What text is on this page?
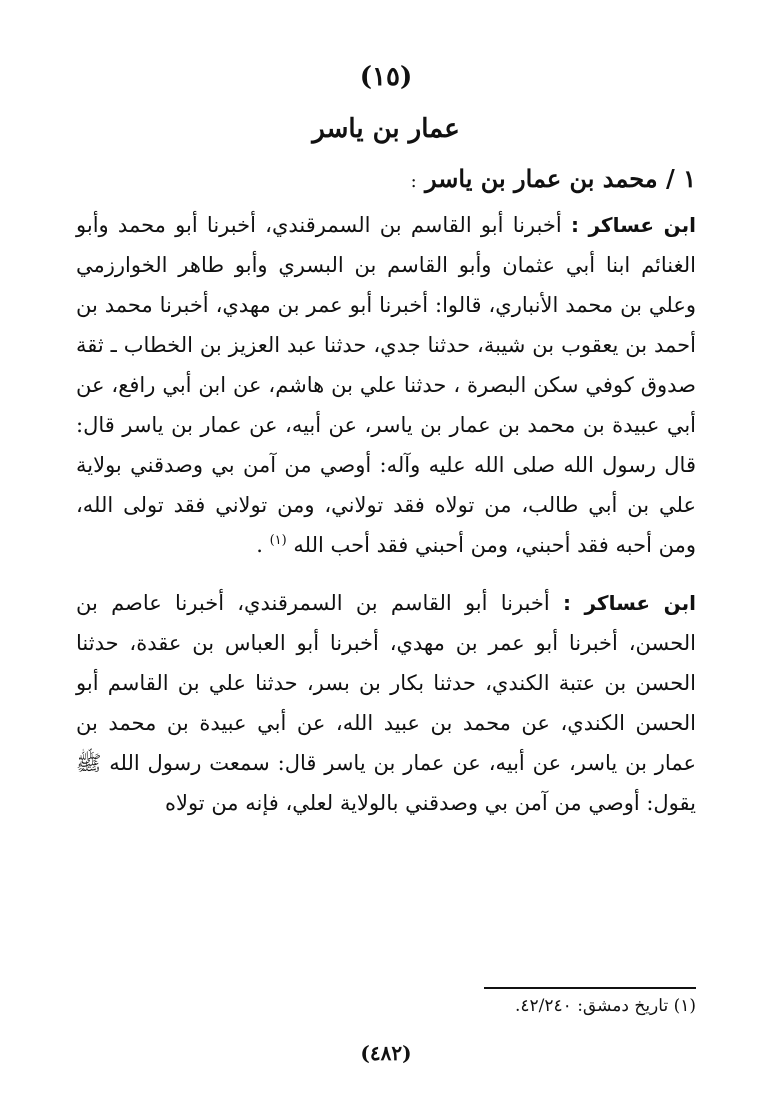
(١٥)
عمار بن ياسر
١ / محمد بن عمار بن ياسر :

ابن عساكر : أخبرنا أبو القاسم بن السمرقندي، أخبرنا أبو محمد وأبو الغنائم ابنا أبي عثمان وأبو القاسم بن البسري وأبو طاهر الخوارزمي وعلي بن محمد الأنباري، قالوا: أخبرنا أبو عمر بن مهدي، أخبرنا محمد بن أحمد بن يعقوب بن شيبة، حدثنا جدي، حدثنا عبد العزيز بن الخطاب ـ ثقة صدوق كوفي سكن البصرة ، حدثنا علي بن هاشم، عن ابن أبي رافع، عن أبي عبيدة بن محمد بن عمار بن ياسر، عن أبيه، عن عمار بن ياسر قال: قال رسول الله صلى الله عليه وآله: أوصي من آمن بي وصدقني بولاية علي بن أبي طالب، من تولاه فقد تولاني، ومن تولاني فقد تولى الله، ومن أحبه فقد أحبني، ومن أحبني فقد أحب الله $^{(١)}$ .

ابن عساكر : أخبرنا أبو القاسم بن السمرقندي، أخبرنا عاصم بن الحسن، أخبرنا أبو عمر بن مهدي، أخبرنا أبو العباس بن عقدة، حدثنا الحسن بن عتبة الكندي، حدثنا بكار بن بسر، حدثنا علي بن القاسم أبو الحسن الكندي، عن محمد بن عبيد الله، عن أبي عبيدة بن محمد بن عمار بن ياسر، عن أبيه، عن عمار بن ياسر قال: سمعت رسول الله ﷺ يقول: أوصي من آمن بي وصدقني بالولاية لعلي، فإنه من تولاه

(١) تاريخ دمشق: ٤٢/٢٤٠.
(٤٨٢)
